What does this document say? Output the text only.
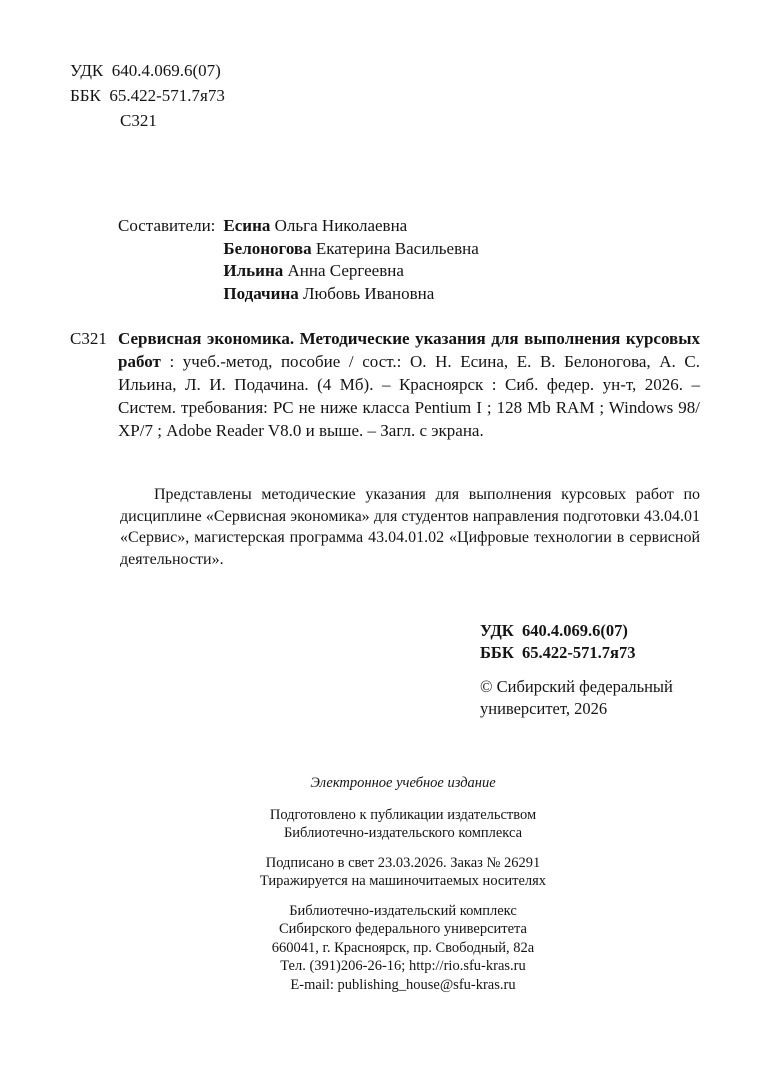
УДК  640.4.069.6(07)
ББК  65.422-571.7я73
С321
Составители: Есина Ольга Николаевна
Белоногова Екатерина Васильевна
Ильина Анна Сергеевна
Подачина Любовь Ивановна
С321 Сервисная экономика. Методические указания для выполнения курсовых работ : учеб.-метод, пособие / сост.: О. Н. Есина, Е. В. Белоногова, А. С. Ильина, Л. И. Подачина. (4 Мб). – Красноярск : Сиб. федер. ун-т, 2026. – Систем. требования: PC не ниже класса Pentium I ; 128 Mb RAM ; Windows 98/ХР/7 ; Adobe Reader V8.0 и выше. – Загл. с экрана.

Представлены методические указания для выполнения курсовых работ по дисциплине «Сервисная экономика» для студентов направления подготовки 43.04.01 «Сервис», магистерская программа 43.04.01.02 «Цифровые технологии в сервисной деятельности».

УДК  640.4.069.6(07)
ББК  65.422-571.7я73
© Сибирский федеральный
университет, 2026
Электронное учебное издание
Подготовлено к публикации издательством
Библиотечно-издательского комплекса
Подписано в свет 23.03.2026. Заказ № 26291
Тиражируется на машиночитаемых носителях
Библиотечно-издательский комплекс
Сибирского федерального университета
660041, г. Красноярск, пр. Свободный, 82а
Тел. (391)206-26-16; http://rio.sfu-kras.ru
E-mail: publishing_house@sfu-kras.ru
